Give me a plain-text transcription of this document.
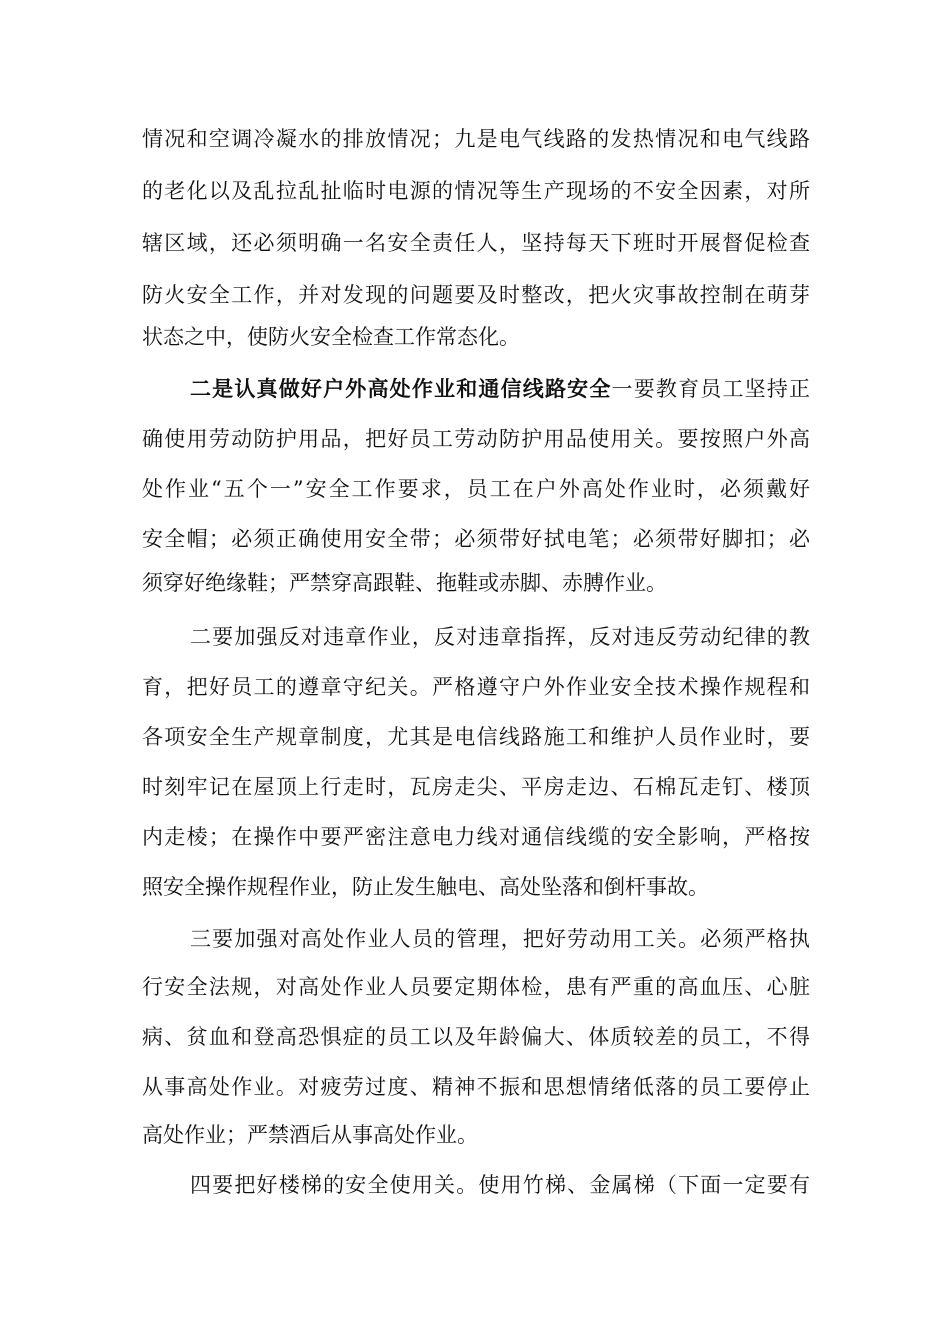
情况和空调冷凝水的排放情况；九是电气线路的发热情况和电气线路
的老化以及乱拉乱扯临时电源的情况等生产现场的不安全因素，对所
辖区域，还必须明确一名安全责任人，坚持每天下班时开展督促检查
防火安全工作，并对发现的问题要及时整改，把火灾事故控制在萌芽
状态之中，使防火安全检查工作常态化。
二是认真做好户外高处作业和通信线路安全一要教育员工坚持正
确使用劳动防护用品，把好员工劳动防护用品使用关。要按照户外高
处作业“五个一”安全工作要求，员工在户外高处作业时，必须戴好
安全帽；必须正确使用安全带；必须带好拭电笔；必须带好脚扣；必
须穿好绝缘鞋；严禁穿高跟鞋、拖鞋或赤脚、赤膊作业。
二要加强反对违章作业，反对违章指挥，反对违反劳动纪律的教
育，把好员工的遵章守纪关。严格遵守户外作业安全技术操作规程和
各项安全生产规章制度，尤其是电信线路施工和维护人员作业时，要
时刻牢记在屋顶上行走时，瓦房走尖、平房走边、石棉瓦走钉、楼顶
内走棱；在操作中要严密注意电力线对通信线缆的安全影响，严格按
照安全操作规程作业，防止发生触电、高处坠落和倒杆事故。
三要加强对高处作业人员的管理，把好劳动用工关。必须严格执
行安全法规，对高处作业人员要定期体检，患有严重的高血压、心脏
病、贫血和登高恐惧症的员工以及年龄偏大、体质较差的员工，不得
从事高处作业。对疲劳过度、精神不振和思想情绪低落的员工要停止
高处作业；严禁酒后从事高处作业。
四要把好楼梯的安全使用关。使用竹梯、金属梯（下面一定要有
